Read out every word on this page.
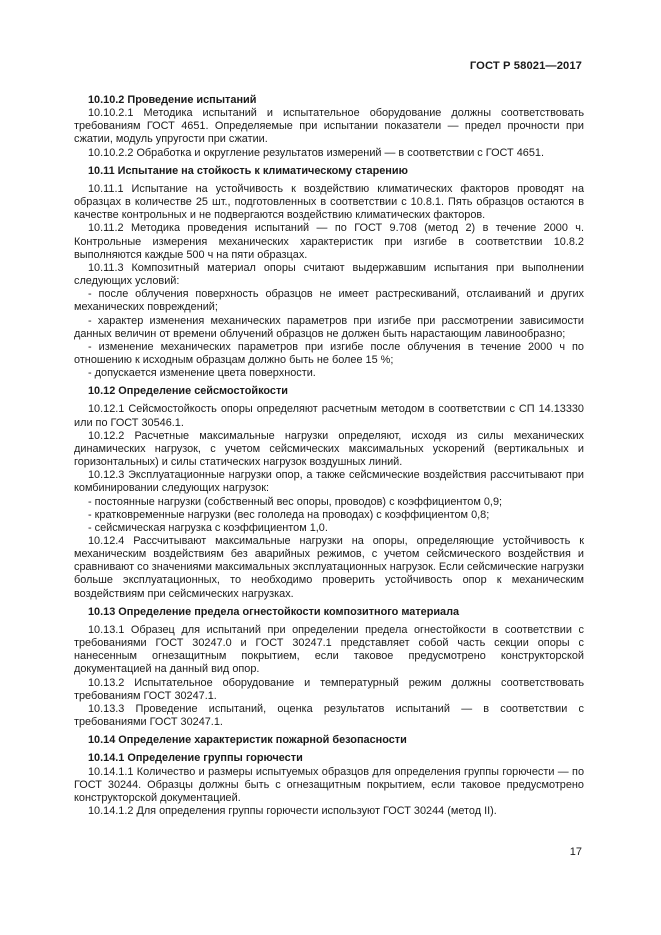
ГОСТ Р 58021—2017

10.10.2 Проведение испытаний

10.10.2.1 Методика испытаний и испытательное оборудование должны соответствовать требованиям ГОСТ 4651. Определяемые при испытании показатели — предел прочности при сжатии, модуль упругости при сжатии.

10.10.2.2 Обработка и округление результатов измерений — в соответствии с ГОСТ 4651.

10.11 Испытание на стойкость к климатическому старению

10.11.1 Испытание на устойчивость к воздействию климатических факторов проводят на образцах в количестве 25 шт., подготовленных в соответствии с 10.8.1. Пять образцов остаются в качестве контрольных и не подвергаются воздействию климатических факторов.

10.11.2 Методика проведения испытаний — по ГОСТ 9.708 (метод 2) в течение 2000 ч. Контрольные измерения механических характеристик при изгибе в соответствии 10.8.2 выполняются каждые 500 ч на пяти образцах.

10.11.3 Композитный материал опоры считают выдержавшим испытания при выполнении следующих условий:

- после облучения поверхность образцов не имеет растрескиваний, отслаиваний и других механических повреждений;

- характер изменения механических параметров при изгибе при рассмотрении зависимости данных величин от времени облучений образцов не должен быть нарастающим лавинообразно;

- изменение механических параметров при изгибе после облучения в течение 2000 ч по отношению к исходным образцам должно быть не более 15 %;

- допускается изменение цвета поверхности.

10.12 Определение сейсмостойкости

10.12.1 Сейсмостойкость опоры определяют расчетным методом в соответствии с СП 14.13330 или по ГОСТ 30546.1.

10.12.2 Расчетные максимальные нагрузки определяют, исходя из силы механических динамических нагрузок, с учетом сейсмических максимальных ускорений (вертикальных и горизонтальных) и силы статических нагрузок воздушных линий.

10.12.3 Эксплуатационные нагрузки опор, а также сейсмические воздействия рассчитывают при комбинировании следующих нагрузок:

- постоянные нагрузки (собственный вес опоры, проводов) с коэффициентом 0,9;

- кратковременные нагрузки (вес гололеда на проводах) с коэффициентом 0,8;

- сейсмическая нагрузка с коэффициентом 1,0.

10.12.4 Рассчитывают максимальные нагрузки на опоры, определяющие устойчивость к механическим воздействиям без аварийных режимов, с учетом сейсмического воздействия и сравнивают со значениями максимальных эксплуатационных нагрузок. Если сейсмические нагрузки больше эксплуатационных, то необходимо проверить устойчивость опор к механическим воздействиям при сейсмических нагрузках.

10.13 Определение предела огнестойкости композитного материала

10.13.1 Образец для испытаний при определении предела огнестойкости в соответствии с требованиями ГОСТ 30247.0 и ГОСТ 30247.1 представляет собой часть секции опоры с нанесенным огнезащитным покрытием, если таковое предусмотрено конструкторской документацией на данный вид опор.

10.13.2 Испытательное оборудование и температурный режим должны соответствовать требованиям ГОСТ 30247.1.

10.13.3 Проведение испытаний, оценка результатов испытаний — в соответствии с требованиями ГОСТ 30247.1.

10.14 Определение характеристик пожарной безопасности

10.14.1 Определение группы горючести

10.14.1.1 Количество и размеры испытуемых образцов для определения группы горючести — по ГОСТ 30244. Образцы должны быть с огнезащитным покрытием, если таковое предусмотрено конструкторской документацией.

10.14.1.2 Для определения группы горючести используют ГОСТ 30244 (метод II).

17
